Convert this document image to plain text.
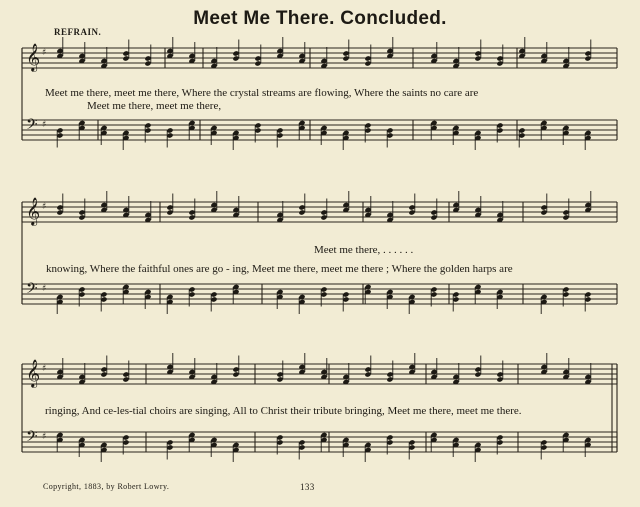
Meet Me There. Concluded.
REFRAIN.
𝄞 ♯
𝄢 ♯
𝄞 ♯
𝄢 ♯
𝄞 ♯
𝄢 ♯
Meet me there, meet me there, Where the crystal streams are flowing, Where the saints no care are
Meet me there, meet me there,
Meet me there, . . . . . .
knowing, Where the faithful ones are go - ing, Meet me there, meet me there ; Where the golden harps are
ringing, And ce-les-tial choirs are singing, All to Christ their tribute bringing, Meet me there, meet me there.
Copyright, 1883, by Robert Lowry.	133
